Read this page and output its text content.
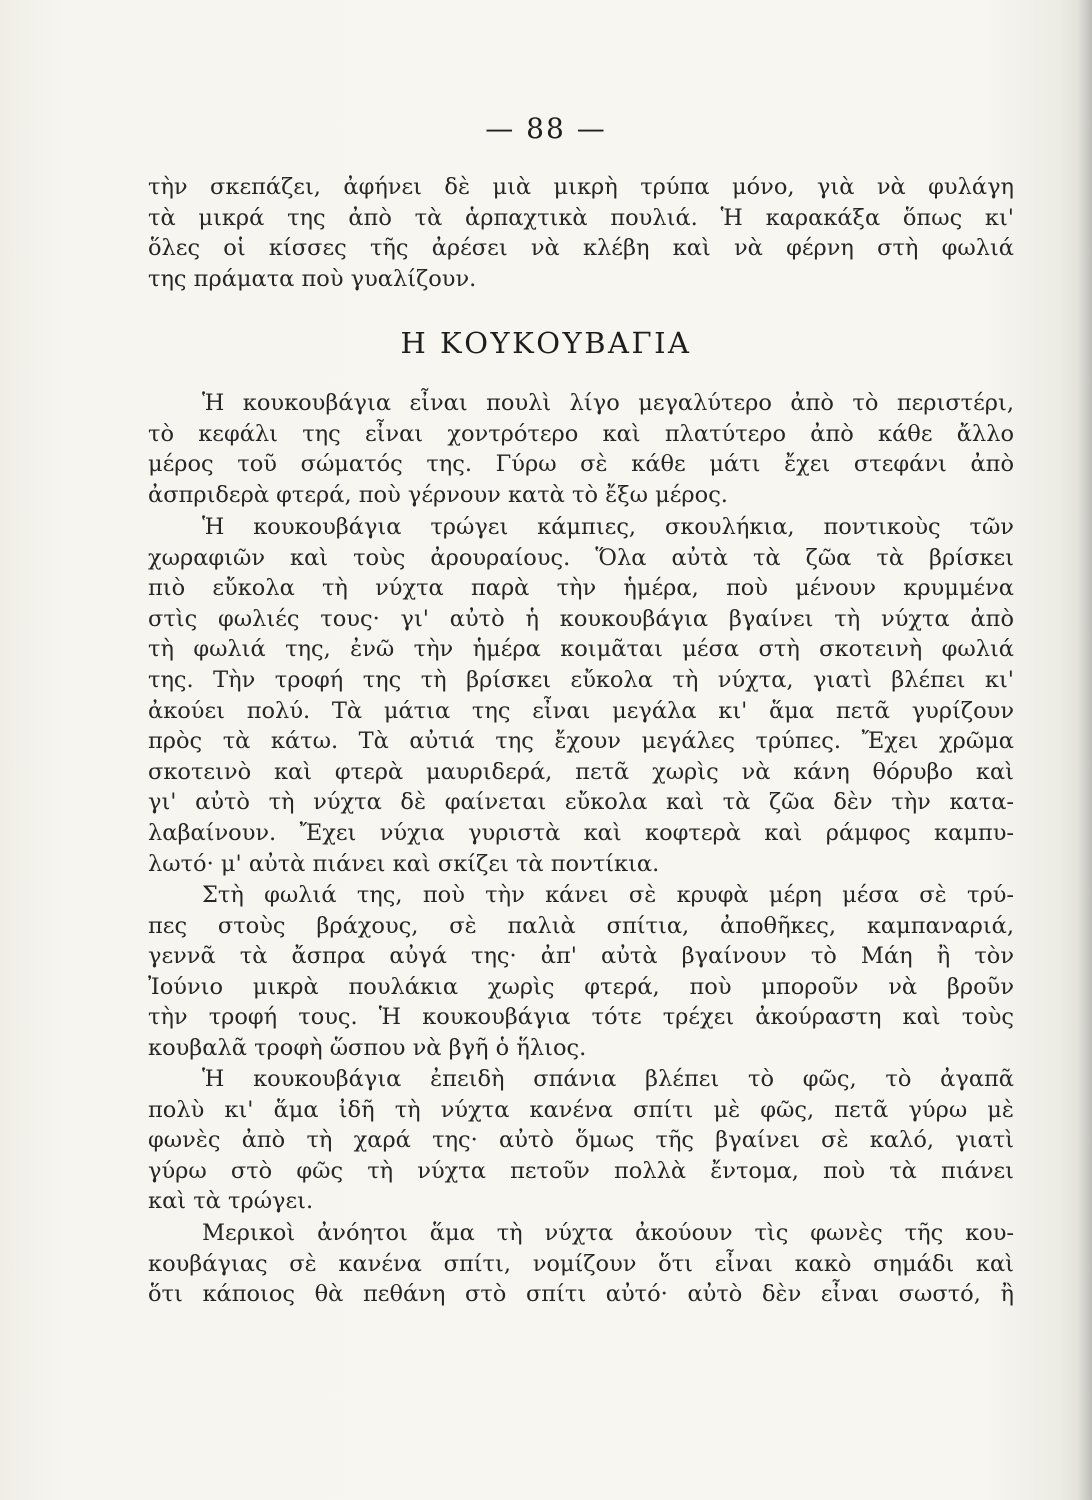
— 88 —
τὴν σκεπάζει, ἀφήνει δὲ μιὰ μικρὴ τρύπα μόνο, γιὰ νὰ φυλάγη
τὰ μικρά της ἀπὸ τὰ ἁρπαχτικὰ πουλιά. Ἡ καρακάξα ὅπως κι'
ὅλες οἱ κίσσες τῆς ἀρέσει νὰ κλέβη καὶ νὰ φέρνη στὴ φωλιά
της πράματα ποὺ γυαλίζουν.
Η ΚΟΥΚΟΥΒΑΓΙΑ
Ἡ κουκουβάγια εἶναι πουλὶ λίγο μεγαλύτερο ἀπὸ τὸ περιστέρι,
τὸ κεφάλι της εἶναι χοντρότερο καὶ πλατύτερο ἀπὸ κάθε ἄλλο
μέρος τοῦ σώματός της. Γύρω σὲ κάθε μάτι ἔχει στεφάνι ἀπὸ
ἀσπριδερὰ φτερά, ποὺ γέρνουν κατὰ τὸ ἔξω μέρος.
Ἡ κουκουβάγια τρώγει κάμπιες, σκουλήκια, ποντικοὺς τῶν
χωραφιῶν καὶ τοὺς ἀρουραίους. Ὅλα αὐτὰ τὰ ζῶα τὰ βρίσκει
πιὸ εὔκολα τὴ νύχτα παρὰ τὴν ἡμέρα, ποὺ μένουν κρυμμένα
στὶς φωλιές τους· γι' αὐτὸ ἡ κουκουβάγια βγαίνει τὴ νύχτα ἀπὸ
τὴ φωλιά της, ἐνῶ τὴν ἡμέρα κοιμᾶται μέσα στὴ σκοτεινὴ φωλιά
της. Τὴν τροφή της τὴ βρίσκει εὔκολα τὴ νύχτα, γιατὶ βλέπει κι'
ἀκούει πολύ. Τὰ μάτια της εἶναι μεγάλα κι' ἅμα πετᾶ γυρίζουν
πρὸς τὰ κάτω. Τὰ αὐτιά της ἔχουν μεγάλες τρύπες. Ἔχει χρῶμα
σκοτεινὸ καὶ φτερὰ μαυριδερά, πετᾶ χωρὶς νὰ κάνη θόρυβο καὶ
γι' αὐτὸ τὴ νύχτα δὲ φαίνεται εὔκολα καὶ τὰ ζῶα δὲν τὴν κατα-
λαβαίνουν. Ἔχει νύχια γυριστὰ καὶ κοφτερὰ καὶ ράμφος καμπυ-
λωτό· μ' αὐτὰ πιάνει καὶ σκίζει τὰ ποντίκια.
Στὴ φωλιά της, ποὺ τὴν κάνει σὲ κρυφὰ μέρη μέσα σὲ τρύ-
πες στοὺς βράχους, σὲ παλιὰ σπίτια, ἀποθῆκες, καμπαναριά,
γεννᾶ τὰ ἄσπρα αὐγά της· ἀπ' αὐτὰ βγαίνουν τὸ Μάη ἢ τὸν
Ἰούνιο μικρὰ πουλάκια χωρὶς φτερά, ποὺ μποροῦν νὰ βροῦν
τὴν τροφή τους. Ἡ κουκουβάγια τότε τρέχει ἀκούραστη καὶ τοὺς
κουβαλᾶ τροφὴ ὥσπου νὰ βγῆ ὁ ἥλιος.
Ἡ κουκουβάγια ἐπειδὴ σπάνια βλέπει τὸ φῶς, τὸ ἀγαπᾶ
πολὺ κι' ἅμα ἰδῆ τὴ νύχτα κανένα σπίτι μὲ φῶς, πετᾶ γύρω μὲ
φωνὲς ἀπὸ τὴ χαρά της· αὐτὸ ὅμως τῆς βγαίνει σὲ καλό, γιατὶ
γύρω στὸ φῶς τὴ νύχτα πετοῦν πολλὰ ἔντομα, ποὺ τὰ πιάνει
καὶ τὰ τρώγει.
Μερικοὶ ἀνόητοι ἅμα τὴ νύχτα ἀκούουν τὶς φωνὲς τῆς κου-
κουβάγιας σὲ κανένα σπίτι, νομίζουν ὅτι εἶναι κακὸ σημάδι καὶ
ὅτι κάποιος θὰ πεθάνη στὸ σπίτι αὐτό· αὐτὸ δὲν εἶναι σωστό, ἢ
